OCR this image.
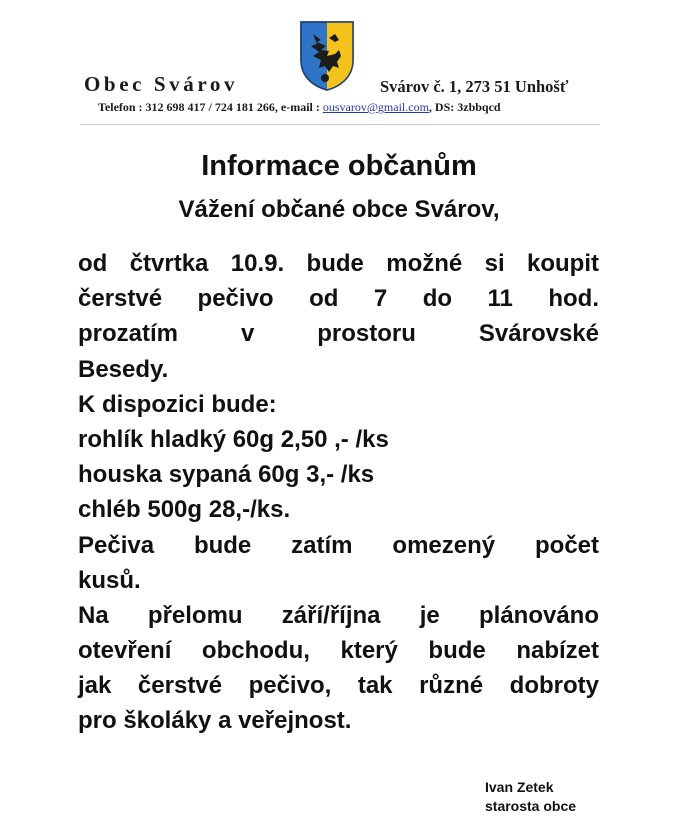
Obec Svárov	Svárov č. 1, 273 51 Unhošť
Telefon : 312 698 417 / 724 181 266, e-mail : ousvarov@gmail.com, DS: 3zbbqcd
Informace občanům
Vážení občané obce Svárov,
od čtvrtka 10.9. bude možné si koupit
čerstvé pečivo od 7 do 11 hod.
prozatím v prostoru Svárovské
Besedy.
K dispozici bude:
rohlík hladký 60g 2,50 ,- /ks
houska sypaná 60g 3,- /ks
chléb 500g 28,-/ks.
Pečiva bude zatím omezený počet
kusů.
Na přelomu září/října je plánováno
otevření obchodu, který bude nabízet
jak čerstvé pečivo, tak různé dobroty
pro školáky a veřejnost.
Ivan Zetek
starosta obce
